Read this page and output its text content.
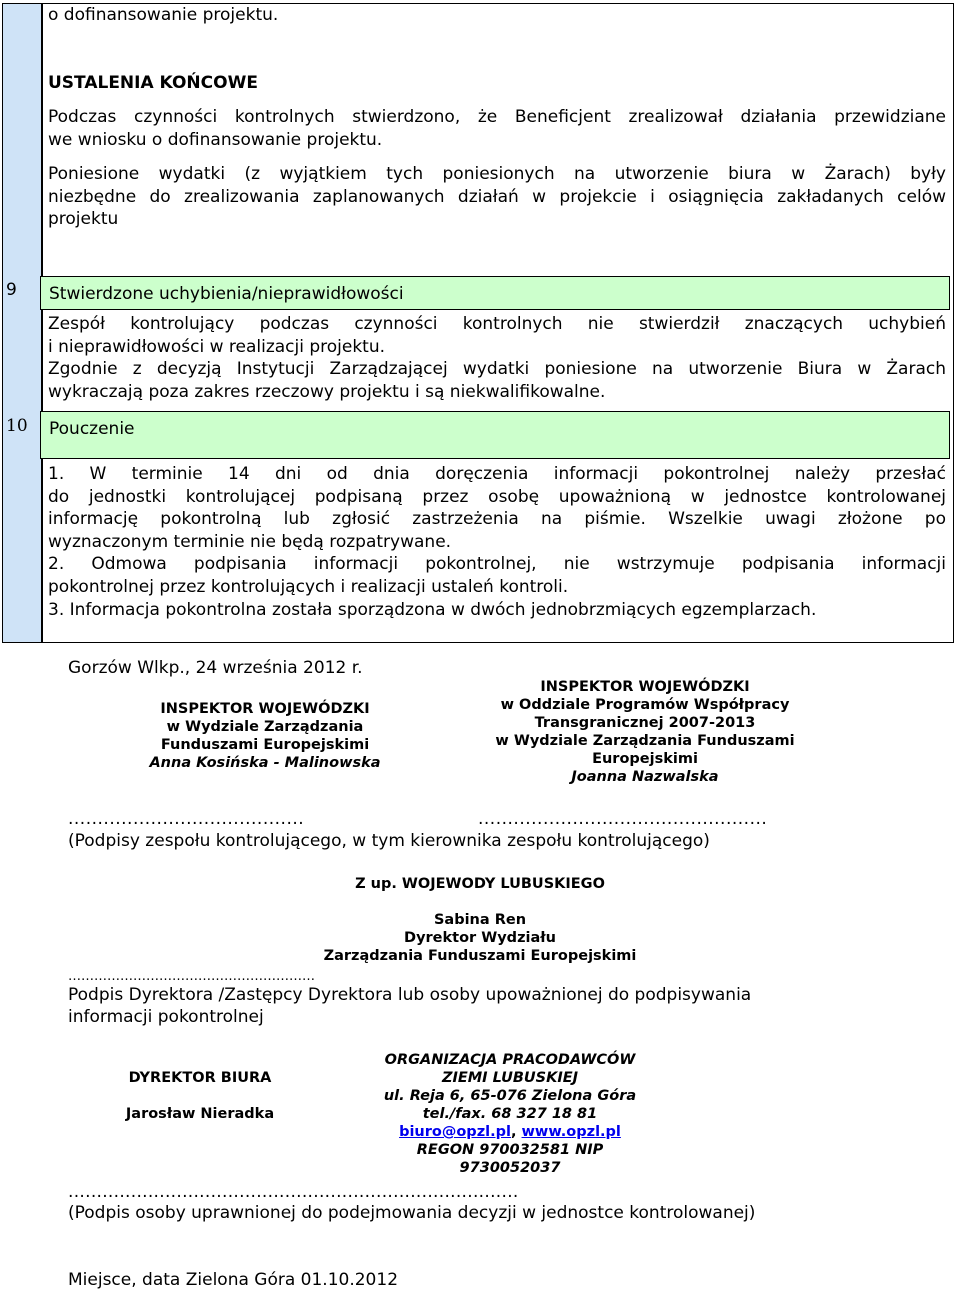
o dofinansowanie projektu.
USTALENIA KOŃCOWE
Podczas czynności kontrolnych stwierdzono, że Beneficjent zrealizował działania przewidziane
we wniosku o dofinansowanie projektu.
Poniesione wydatki (z wyjątkiem tych poniesionych na utworzenie biura w Żarach) były
niezbędne do zrealizowania zaplanowanych działań w projekcie i osiągnięcia zakładanych celów
projektu
9	Stwierdzone uchybienia/nieprawidłowości
Zespół kontrolujący podczas czynności kontrolnych nie stwierdził znaczących uchybień
i nieprawidłowości w realizacji projektu.
Zgodnie z decyzją Instytucji Zarządzającej wydatki poniesione na utworzenie Biura w Żarach
wykraczają poza zakres rzeczowy projektu i są niekwalifikowalne.
10	Pouczenie
1. W terminie 14 dni od dnia doręczenia informacji pokontrolnej należy przesłać
do jednostki kontrolującej podpisaną przez osobę upoważnioną w jednostce kontrolowanej
informację pokontrolną lub zgłosić zastrzeżenia na piśmie. Wszelkie uwagi złożone po
wyznaczonym terminie nie będą rozpatrywane.
2. Odmowa podpisania informacji pokontrolnej, nie wstrzymuje podpisania informacji
pokontrolnej przez kontrolujących i realizacji ustaleń kontroli.
3. Informacja pokontrolna została sporządzona w dwóch jednobrzmiących egzemplarzach.
Gorzów Wlkp., 24 września 2012 r.
INSPEKTOR WOJEWÓDZKI
w Wydziale Zarządzania
Funduszami Europejskimi
Anna Kosińska - Malinowska
INSPEKTOR WOJEWÓDZKI
w Oddziale Programów Współpracy
Transgranicznej 2007-2013
w Wydziale Zarządzania Funduszami
Europejskimi
Joanna Nazwalska
........................................	.................................................
(Podpisy zespołu kontrolującego, w tym kierownika zespołu kontrolującego)
Z up. WOJEWODY LUBUSKIEGO
Sabina Ren
Dyrektor Wydziału
Zarządzania Funduszami Europejskimi
…………………………………………………
Podpis Dyrektora /Zastępcy Dyrektora lub osoby upoważnionej do podpisywania
informacji pokontrolnej
DYREKTOR BIURA
Jarosław Nieradka
ORGANIZACJA PRACODAWCÓW
ZIEMI LUBUSKIEJ
ul. Reja 6, 65-076 Zielona Góra
tel./fax. 68 327 18 81
biuro@opzl.pl, www.opzl.pl
REGON 970032581 NIP
9730052037
...............................................................................
(Podpis osoby uprawnionej do podejmowania decyzji w jednostce kontrolowanej)
Miejsce, data Zielona Góra 01.10.2012
